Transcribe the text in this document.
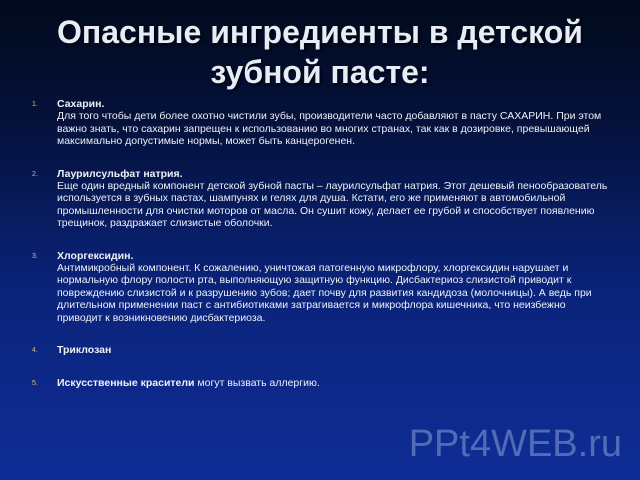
Опасные ингредиенты в детской
зубной пасте:
1. Сахарин.
Для того чтобы дети более охотно чистили зубы, производители часто добавляют в пасту САХАРИН. При этом важно знать, что сахарин запрещен к использованию во многих странах, так как в дозировке, превышающей максимально допустимые нормы, может быть канцерогенен.
2. Лаурилсульфат натрия.
Еще один вредный компонент детской зубной пасты – лаурилсульфат натрия. Этот дешевый пенообразователь используется в зубных пастах, шампунях и гелях для душа. Кстати, его же применяют в автомобильной промышленности для очистки моторов от масла. Он сушит кожу, делает ее грубой и способствует появлению трещинок, раздражает слизистые оболочки.
3. Хлоргексидин.
Антимикробный компонент. К сожалению, уничтожая патогенную микрофлору, хлоргексидин нарушает и нормальную флору полости рта, выполняющую защитную функцию. Дисбактериоз слизистой приводит к повреждению слизистой и к разрушению зубов; дает почву для развития кандидоза (молочницы). А ведь при длительном применении паст с антибиотиками затрагивается и микрофлора кишечника, что неизбежно приводит к возникновению дисбактериоза.
4. Триклозан
5. Искусственные красители могут вызвать аллергию.
PPt4WEB.ru
